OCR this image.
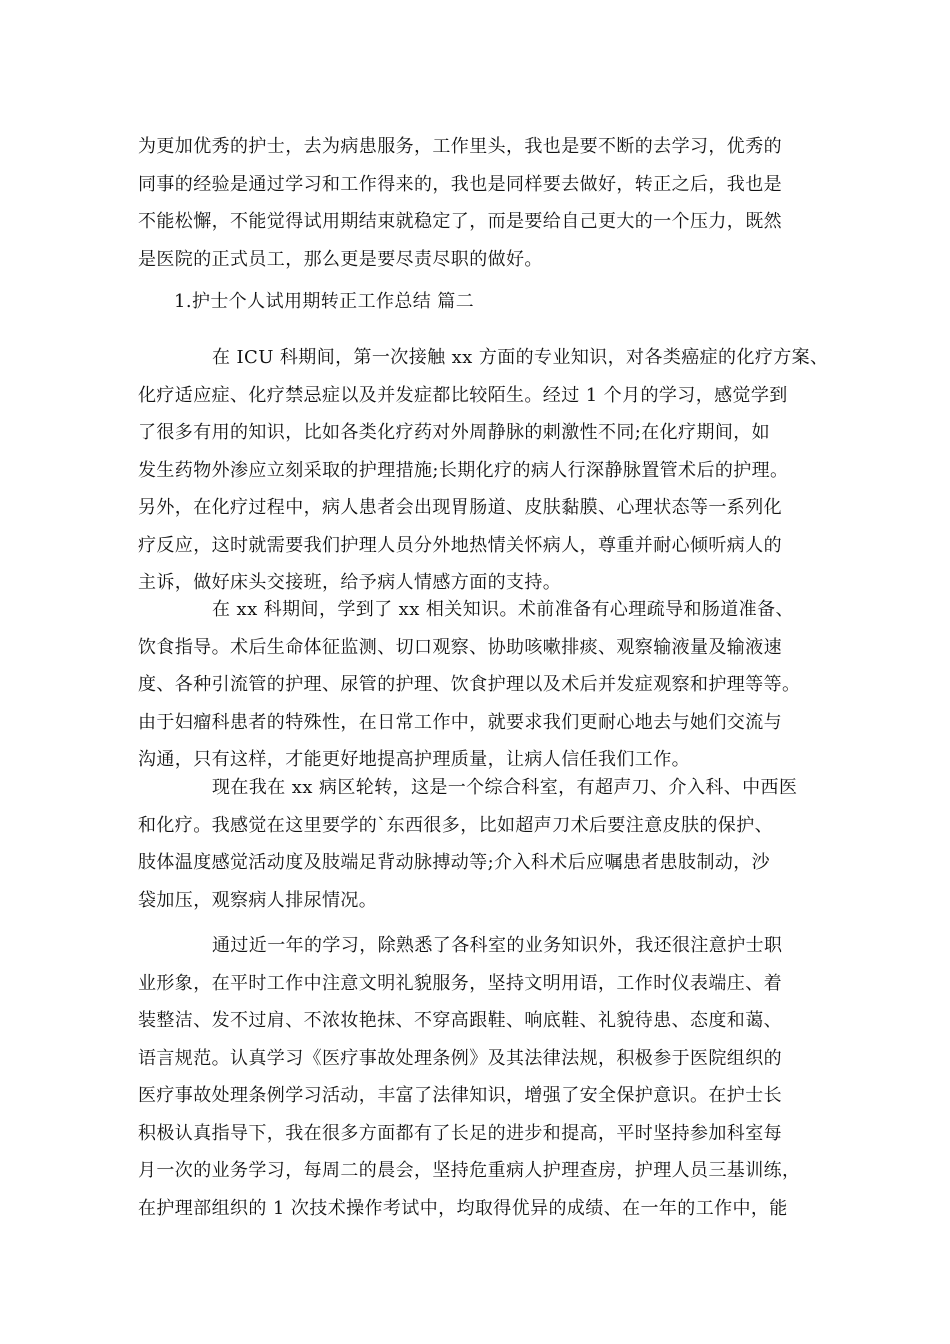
为更加优秀的护士，去为病患服务，工作里头，我也是要不断的去学习，优秀的
同事的经验是通过学习和工作得来的，我也是同样要去做好，转正之后，我也是
不能松懈，不能觉得试用期结束就稳定了，而是要给自己更大的一个压力，既然
是医院的正式员工，那么更是要尽责尽职的做好。
1.护士个人试用期转正工作总结 篇二
在 ICU 科期间，第一次接触 xx 方面的专业知识，对各类癌症的化疗方案、
化疗适应症、化疗禁忌症以及并发症都比较陌生。经过 1 个月的学习，感觉学到
了很多有用的知识，比如各类化疗药对外周静脉的刺激性不同;在化疗期间，如
发生药物外渗应立刻采取的护理措施;长期化疗的病人行深静脉置管术后的护理。
另外，在化疗过程中，病人患者会出现胃肠道、皮肤黏膜、心理状态等一系列化
疗反应，这时就需要我们护理人员分外地热情关怀病人，尊重并耐心倾听病人的
主诉，做好床头交接班，给予病人情感方面的支持。
在 xx 科期间，学到了 xx 相关知识。术前准备有心理疏导和肠道准备、
饮食指导。术后生命体征监测、切口观察、协助咳嗽排痰、观察输液量及输液速
度、各种引流管的护理、尿管的护理、饮食护理以及术后并发症观察和护理等等。
由于妇瘤科患者的特殊性，在日常工作中，就要求我们更耐心地去与她们交流与
沟通，只有这样，才能更好地提高护理质量，让病人信任我们工作。
现在我在 xx 病区轮转，这是一个综合科室，有超声刀、介入科、中西医
和化疗。我感觉在这里要学的`东西很多，比如超声刀术后要注意皮肤的保护、
肢体温度感觉活动度及肢端足背动脉搏动等;介入科术后应嘱患者患肢制动，沙
袋加压，观察病人排尿情况。
通过近一年的学习，除熟悉了各科室的业务知识外，我还很注意护士职
业形象，在平时工作中注意文明礼貌服务，坚持文明用语，工作时仪表端庄、着
装整洁、发不过肩、不浓妆艳抹、不穿高跟鞋、响底鞋、礼貌待患、态度和蔼、
语言规范。认真学习《医疗事故处理条例》及其法律法规，积极参于医院组织的
医疗事故处理条例学习活动，丰富了法律知识，增强了安全保护意识。在护士长
积极认真指导下，我在很多方面都有了长足的进步和提高，平时坚持参加科室每
月一次的业务学习，每周二的晨会，坚持危重病人护理查房，护理人员三基训练，
在护理部组织的 1 次技术操作考试中，均取得优异的成绩、在一年的工作中，能
